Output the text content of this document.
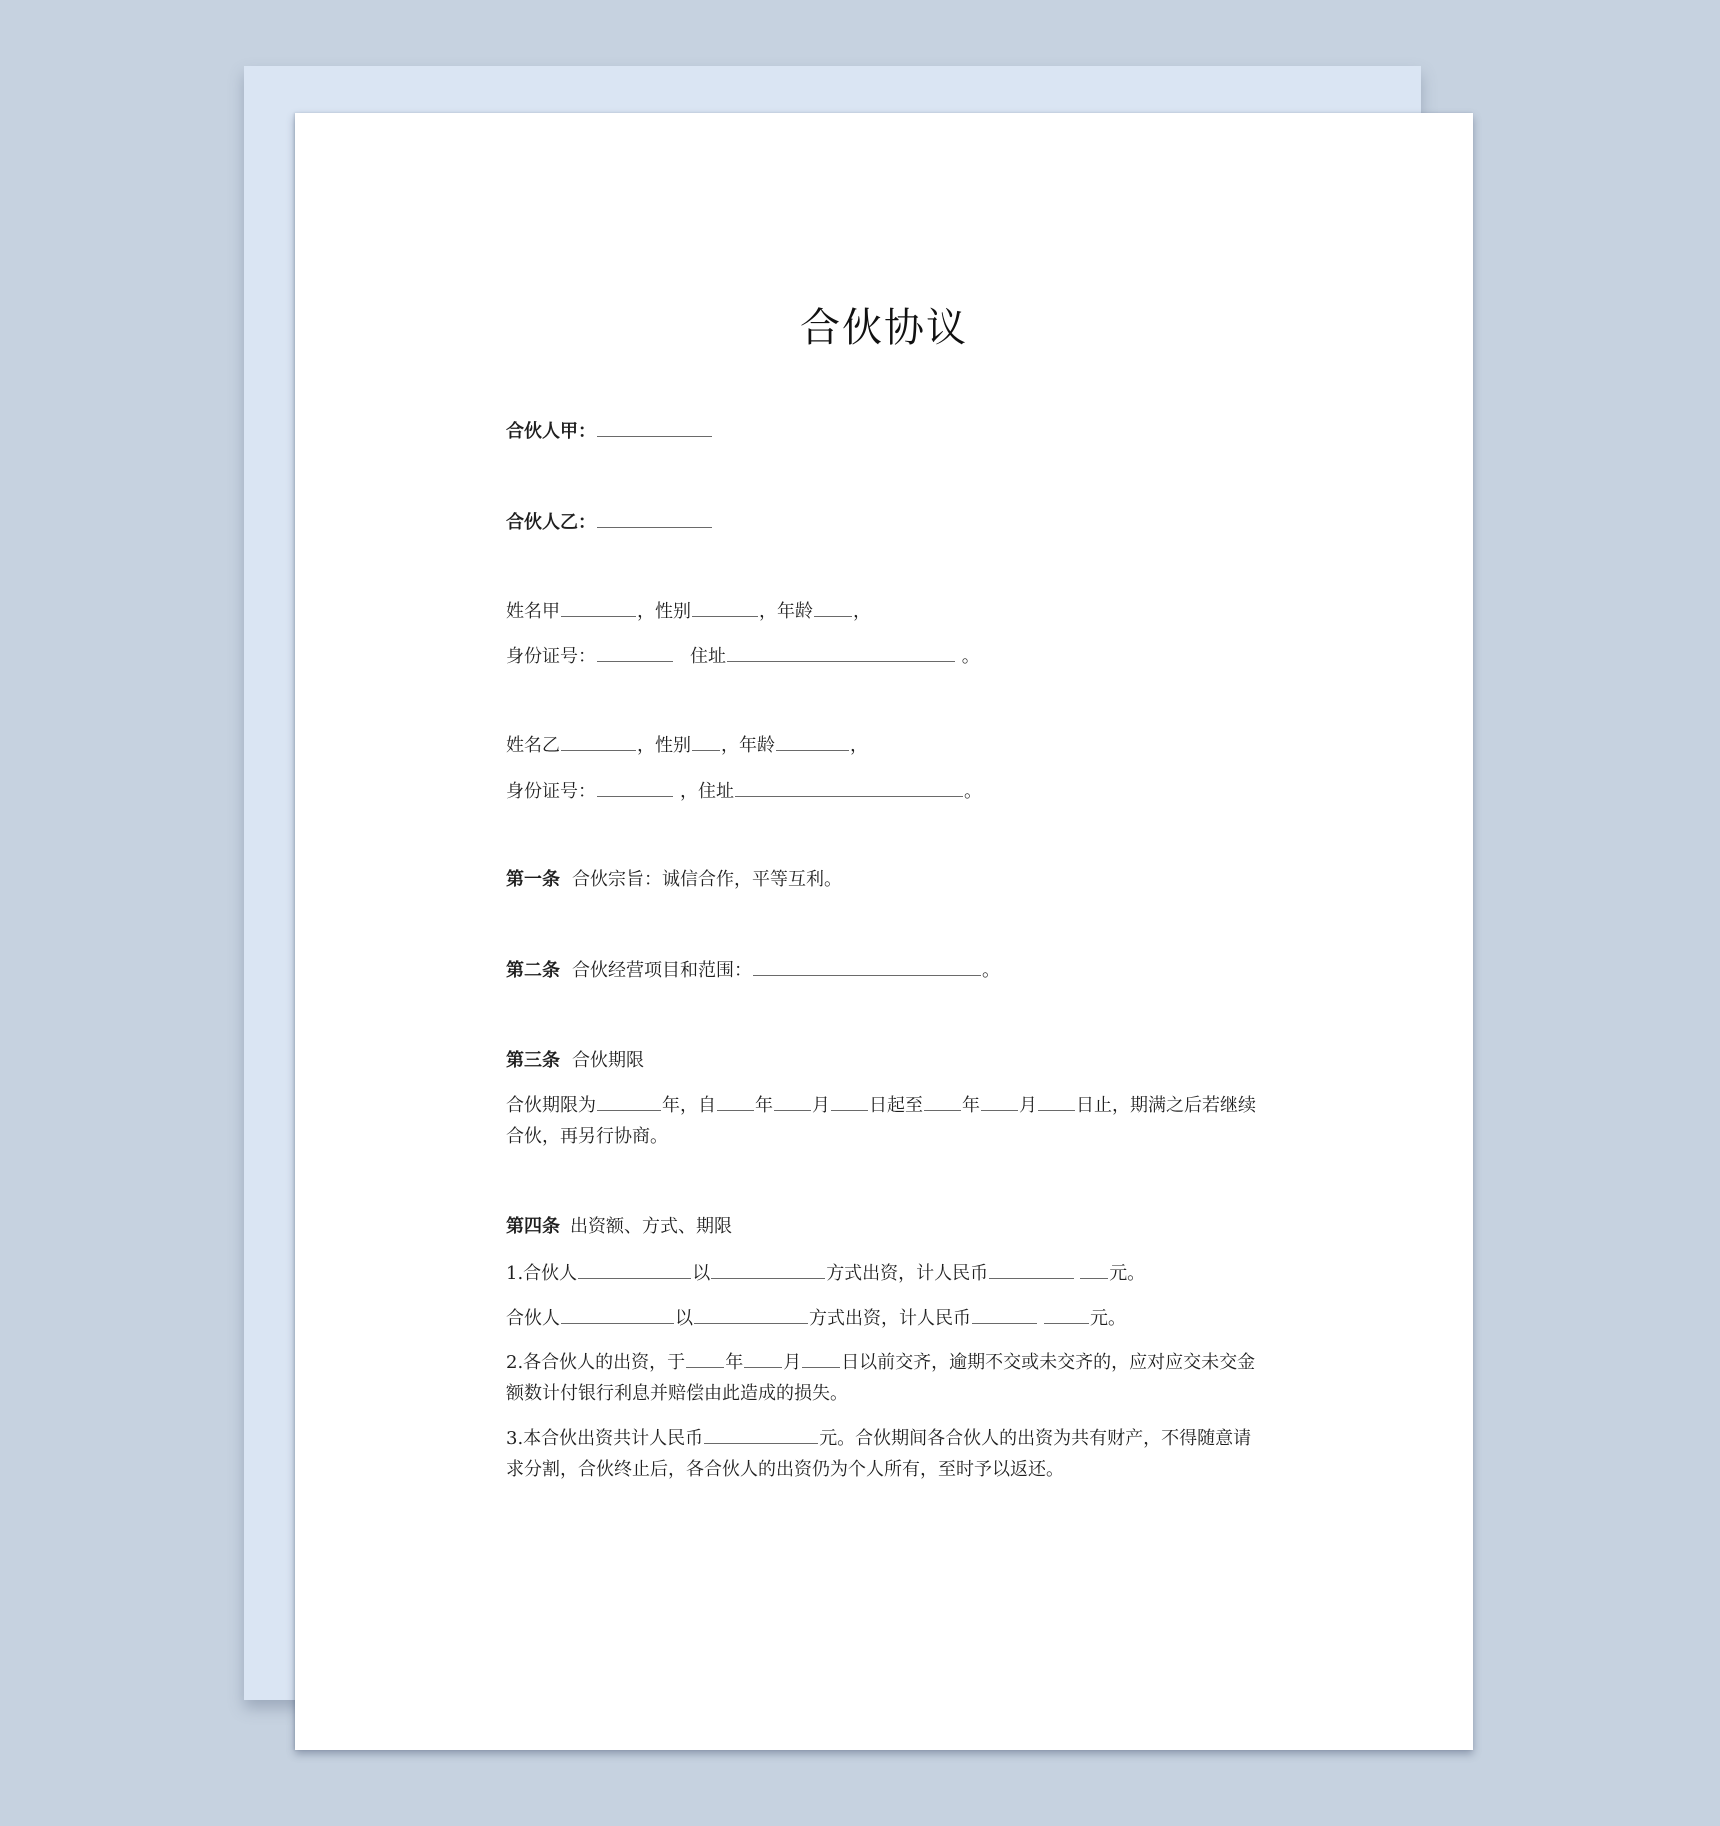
合伙协议
合伙人甲：
合伙人乙：
姓名甲	，性别	，年龄 ，
身份证号：	住址	。
姓名乙	，性别 ，年龄	，
身份证号：	，住址	。
第一条 合伙宗旨：诚信合作，平等互利。
第二条 合伙经营项目和范围：	。
第三条 合伙期限
合伙期限为	年，自 年 月 日起至 年 月 日止，期满之后若继续合伙，再另行协商。
第四条 出资额、方式、期限
1.合伙人	以	方式出资，计人民币	元。
合伙人	以	方式出资，计人民币	元。
2.各合伙人的出资，于 年 月 日以前交齐，逾期不交或未交齐的，应对应交未交金额数计付银行利息并赔偿由此造成的损失。
3.本合伙出资共计人民币	元。合伙期间各合伙人的出资为共有财产，不得随意请求分割，合伙终止后，各合伙人的出资仍为个人所有，至时予以返还。
